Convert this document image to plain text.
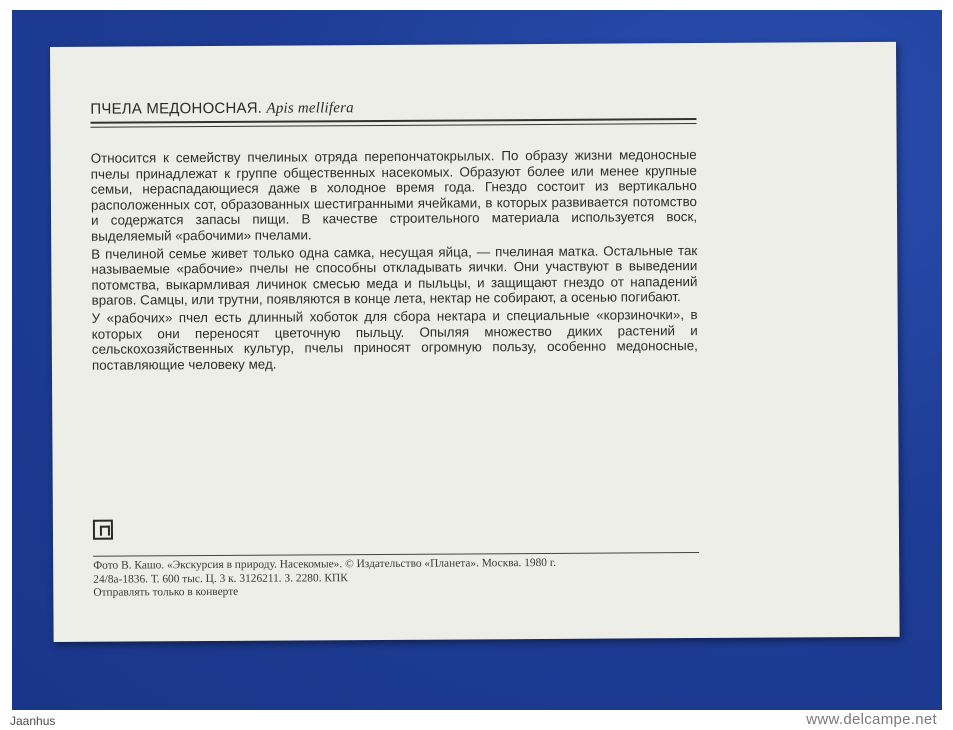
ПЧЕЛА МЕДОНОСНАЯ. Apis mellifera

Относится к семейству пчелиных отряда перепончатокрылых. По образу жизни медоносные пчелы принадлежат к группе общественных насекомых. Образуют более или менее крупные семьи, нераспадающиеся даже в холодное время года. Гнездо состоит из вертикально расположенных сот, образованных шестигранными ячейками, в которых развивается потомство и содержатся запасы пищи. В качестве строительного материала используется воск, выделяемый «рабочими» пчелами.

В пчелиной семье живет только одна самка, несущая яйца, — пчелиная матка. Остальные так называемые «рабочие» пчелы не способны откладывать яички. Они участвуют в выведении потомства, выкармливая личинок смесью меда и пыльцы, и защищают гнездо от нападений врагов. Самцы, или трутни, появляются в конце лета, нектар не собирают, а осенью погибают.

У «рабочих» пчел есть длинный хоботок для сбора нектара и специальные «корзиночки», в которых они переносят цветочную пыльцу. Опыляя множество диких растений и сельскохозяйственных культур, пчелы приносят огромную пользу, особенно медоносные, поставляющие человеку мед.

Фото В. Кашо. «Экскурсия в природу. Насекомые». © Издательство «Планета». Москва. 1980 г.
24/8а-1836. Т. 600 тыс. Ц. 3 к. 3126211. З. 2280. КПК
Отправлять только в конверте
Jaanhus	www.delcampe.net
